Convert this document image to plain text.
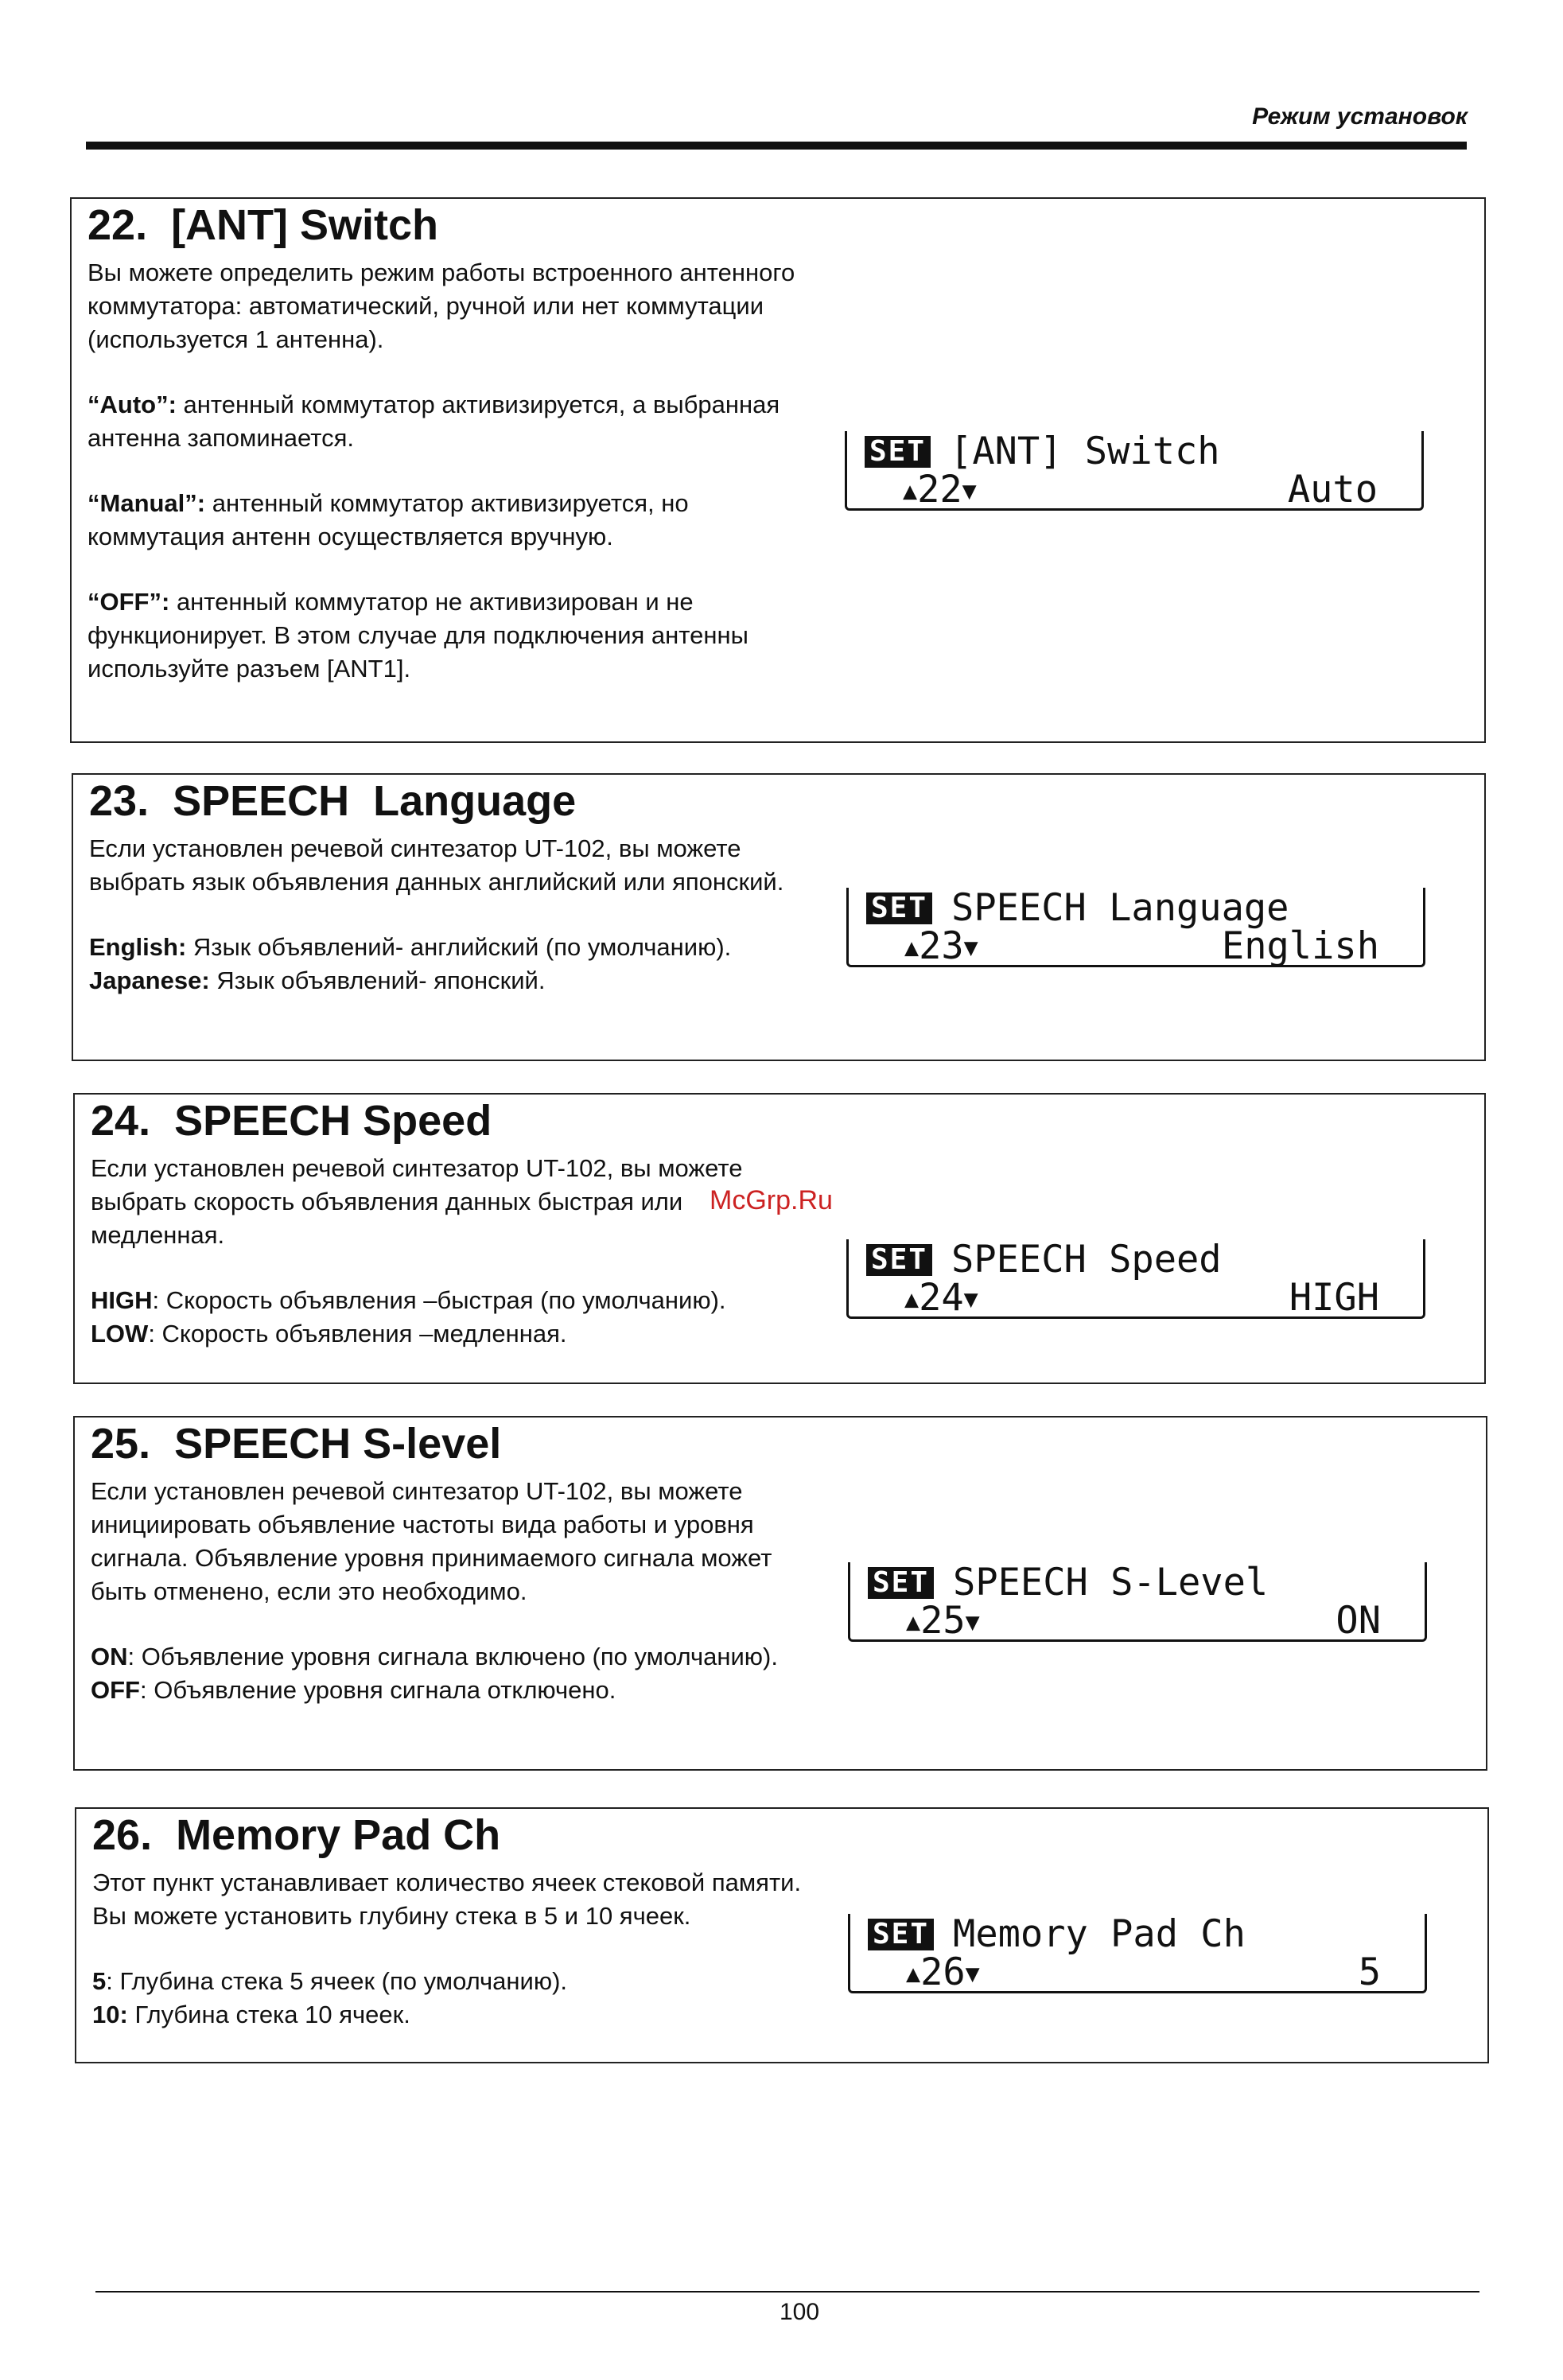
Режим установок
22.  [ANT] Switch

Вы можете определить режим работы встроенного антенного коммутатора: автоматический, ручной или нет коммутации (используется 1 антенна).

“Auto”: антенный коммутатор активизируется, а выбранная антенна запоминается.

“Manual”: антенный коммутатор активизируется, но коммутация антенн осуществляется вручную.

“OFF”: антенный коммутатор не активизирован и не функционирует. В этом случае для подключения антенны используйте разъем [ANT1].

SET [ANT] Switch
▲22▼	Auto
23.  SPEECH  Language

Если установлен речевой синтезатор UT-102, вы можете выбрать язык объявления данных английский или японский.

English: Язык объявлений- английский (по умолчанию).

Japanese: Язык объявлений- японский.

SET SPEECH Language
▲23▼	English
24.  SPEECH Speed

Если установлен речевой синтезатор UT-102, вы можете выбрать скорость объявления данных быстрая или медленная.

HIGH: Скорость объявления –быстрая (по умолчанию).

LOW: Скорость объявления –медленная.

SET SPEECH Speed
▲24▼	HIGH
McGrp.Ru
25.  SPEECH S-level

Если установлен речевой синтезатор UT-102, вы можете инициировать объявление частоты вида работы и уровня сигнала. Объявление уровня принимаемого сигнала может быть отменено, если это необходимо.

ON: Объявление уровня сигнала включено (по умолчанию).

OFF: Объявление уровня сигнала отключено.

SET SPEECH S-Level
▲25▼	ON
26.  Memory Pad Ch

Этот пункт устанавливает количество ячеек стековой памяти. Вы можете установить глубину стека в 5 и 10 ячеек.

5: Глубина стека 5 ячеек (по умолчанию).

10: Глубина стека 10 ячеек.

SET Memory Pad Ch
▲26▼	5
100
